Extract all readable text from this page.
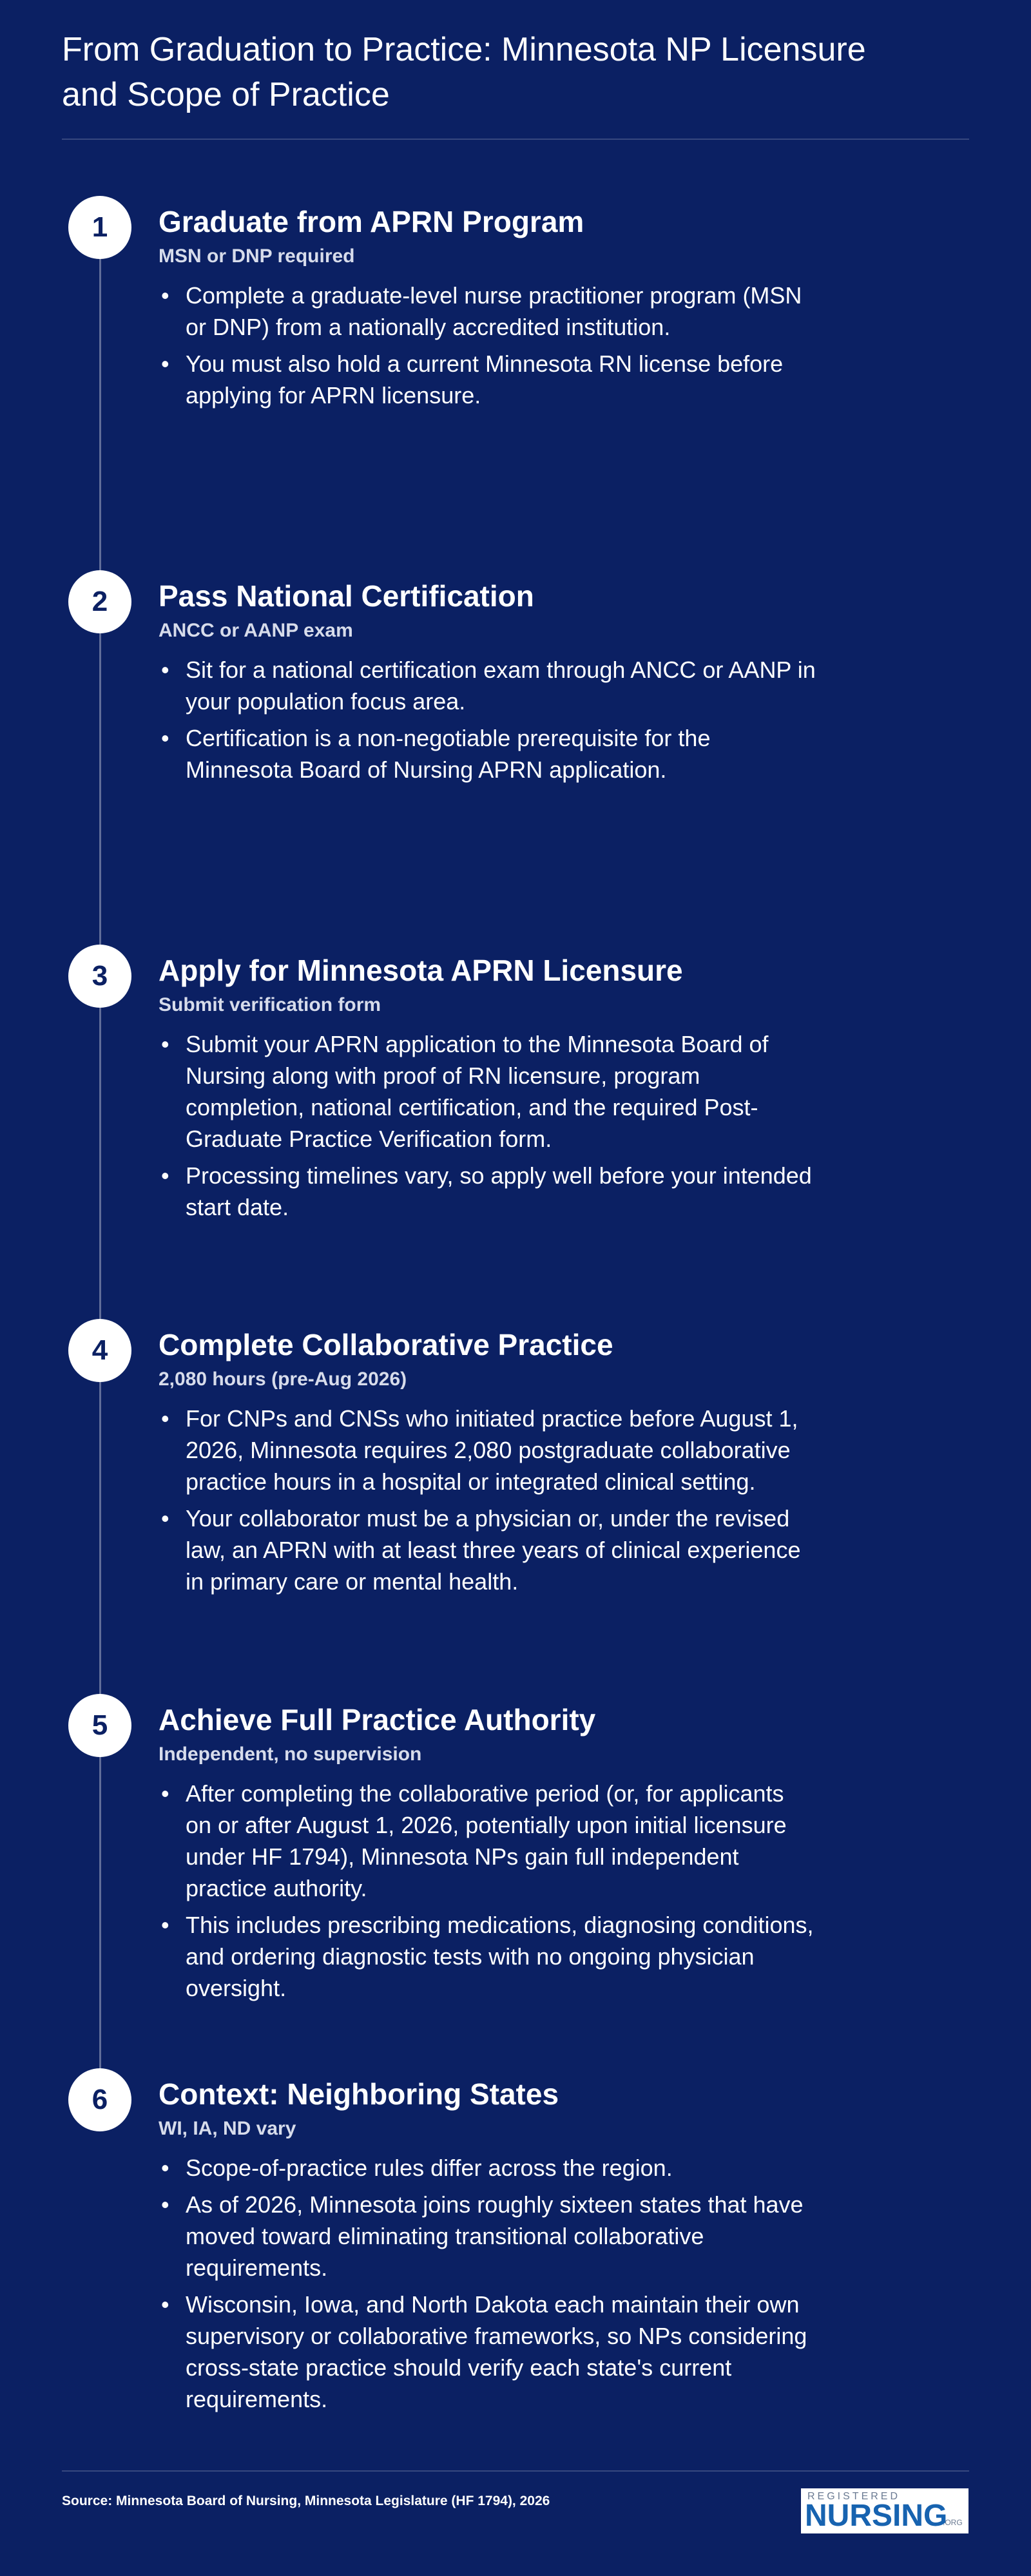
From Graduation to Practice: Minnesota NP Licensure and Scope of Practice
1	Graduate from APRN Program
MSN or DNP required
• Complete a graduate-level nurse practitioner program (MSN or DNP) from a nationally accredited institution.
• You must also hold a current Minnesota RN license before applying for APRN licensure.
2	Pass National Certification
ANCC or AANP exam
• Sit for a national certification exam through ANCC or AANP in your population focus area.
• Certification is a non-negotiable prerequisite for the Minnesota Board of Nursing APRN application.
3	Apply for Minnesota APRN Licensure
Submit verification form
• Submit your APRN application to the Minnesota Board of Nursing along with proof of RN licensure, program completion, national certification, and the required Post-Graduate Practice Verification form.
• Processing timelines vary, so apply well before your intended start date.
4	Complete Collaborative Practice
2,080 hours (pre-Aug 2026)
• For CNPs and CNSs who initiated practice before August 1, 2026, Minnesota requires 2,080 postgraduate collaborative practice hours in a hospital or integrated clinical setting.
• Your collaborator must be a physician or, under the revised law, an APRN with at least three years of clinical experience in primary care or mental health.
5	Achieve Full Practice Authority
Independent, no supervision
• After completing the collaborative period (or, for applicants on or after August 1, 2026, potentially upon initial licensure under HF 1794), Minnesota NPs gain full independent practice authority.
• This includes prescribing medications, diagnosing conditions, and ordering diagnostic tests with no ongoing physician oversight.
6	Context: Neighboring States
WI, IA, ND vary
• Scope-of-practice rules differ across the region.
• As of 2026, Minnesota joins roughly sixteen states that have moved toward eliminating transitional collaborative requirements.
• Wisconsin, Iowa, and North Dakota each maintain their own supervisory or collaborative frameworks, so NPs considering cross-state practice should verify each state's current requirements.
Source: Minnesota Board of Nursing, Minnesota Legislature (HF 1794), 2026	REGISTERED
NURSING
.ORG
